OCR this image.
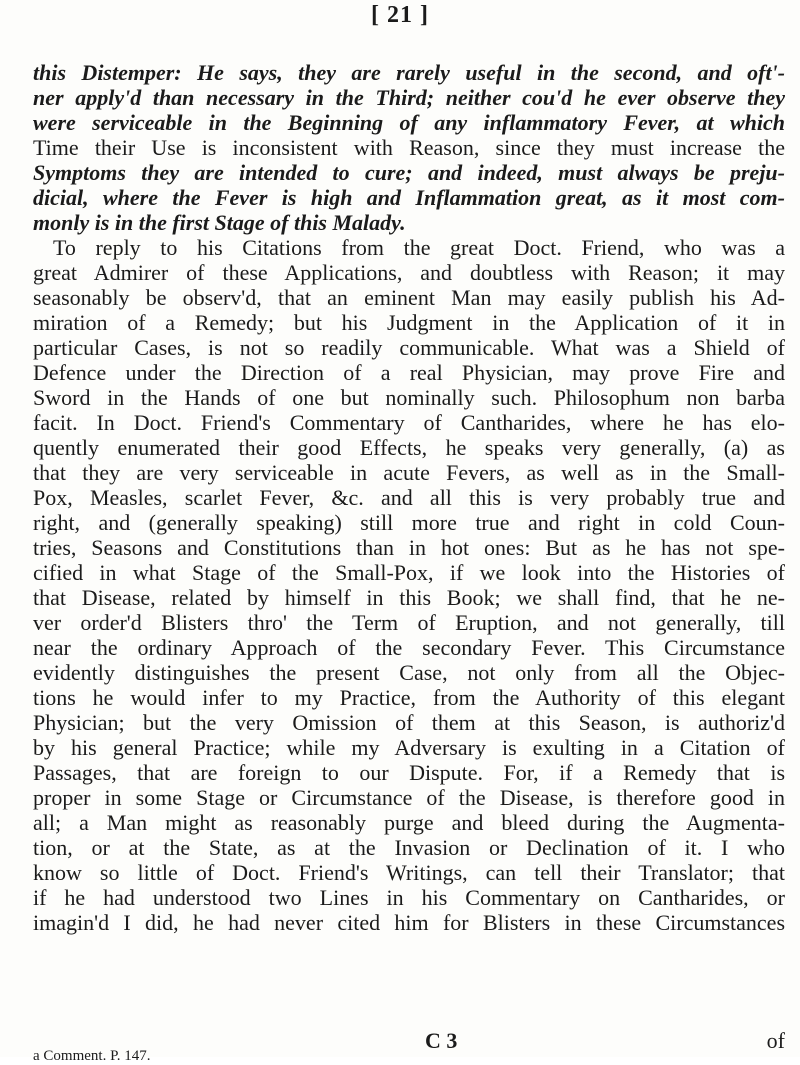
[ 21 ]
this Distemper: He says, they are rarely useful in the second, and oft'-
ner apply'd than necessary in the Third; neither cou'd he ever observe they
were serviceable in the Beginning of any inflammatory Fever, at which
Time their Use is inconsistent with Reason, since they must increase the
Symptoms they are intended to cure; and indeed, must always be preju-
dicial, where the Fever is high and Inflammation great, as it most com-
monly is in the first Stage of this Malady.
To reply to his Citations from the great Doct. Friend, who was a
great Admirer of these Applications, and doubtless with Reason; it may
seasonably be observ'd, that an eminent Man may easily publish his Ad-
miration of a Remedy; but his Judgment in the Application of it in
particular Cases, is not so readily communicable. What was a Shield of
Defence under the Direction of a real Physician, may prove Fire and
Sword in the Hands of one but nominally such. Philosophum non barba
facit. In Doct. Friend's Commentary of Cantharides, where he has elo-
quently enumerated their good Effects, he speaks very generally, (a) as
that they are very serviceable in acute Fevers, as well as in the Small-
Pox, Measles, scarlet Fever, &c. and all this is very probably true and
right, and (generally speaking) still more true and right in cold Coun-
tries, Seasons and Constitutions than in hot ones: But as he has not spe-
cified in what Stage of the Small-Pox, if we look into the Histories of
that Disease, related by himself in this Book; we shall find, that he ne-
ver order'd Blisters thro' the Term of Eruption, and not generally, till
near the ordinary Approach of the secondary Fever. This Circumstance
evidently distinguishes the present Case, not only from all the Objec-
tions he would infer to my Practice, from the Authority of this elegant
Physician; but the very Omission of them at this Season, is authoriz'd
by his general Practice; while my Adversary is exulting in a Citation of
Passages, that are foreign to our Dispute. For, if a Remedy that is
proper in some Stage or Circumstance of the Disease, is therefore good in
all; a Man might as reasonably purge and bleed during the Augmenta-
tion, or at the State, as at the Invasion or Declination of it. I who
know so little of Doct. Friend's Writings, can tell their Translator; that
if he had understood two Lines in his Commentary on Cantharides, or
imagin'd I did, he had never cited him for Blisters in these Circumstances
C 3	of
a Comment. P. 147.
